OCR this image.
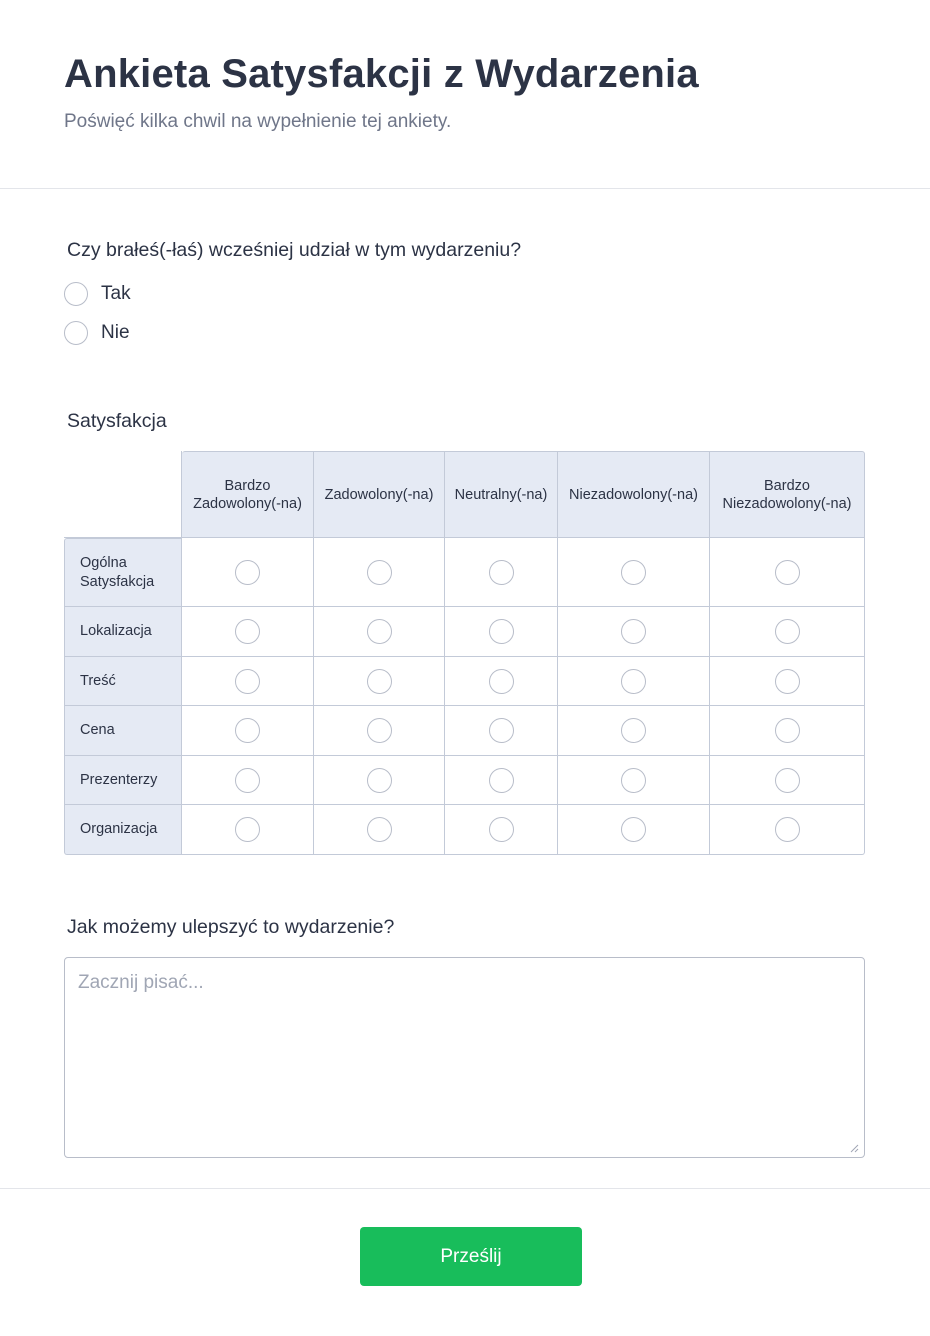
Ankieta Satysfakcji z Wydarzenia

Poświęć kilka chwil na wypełnienie tej ankiety.

Czy brałeś(-łaś) wcześniej udział w tym wydarzeniu?
Tak
Nie
Satysfakcja
	Bardzo Zadowolony(-na)	Zadowolony(-na)	Neutralny(-na)	Niezadowolony(-na)	Bardzo Niezadowolony(-na)
Ogólna Satysfakcja					
Lokalizacja					
Treść					
Cena					
Prezenterzy					
Organizacja					
Jak możemy ulepszyć to wydarzenie?
Zacznij pisać...
Prześlij
